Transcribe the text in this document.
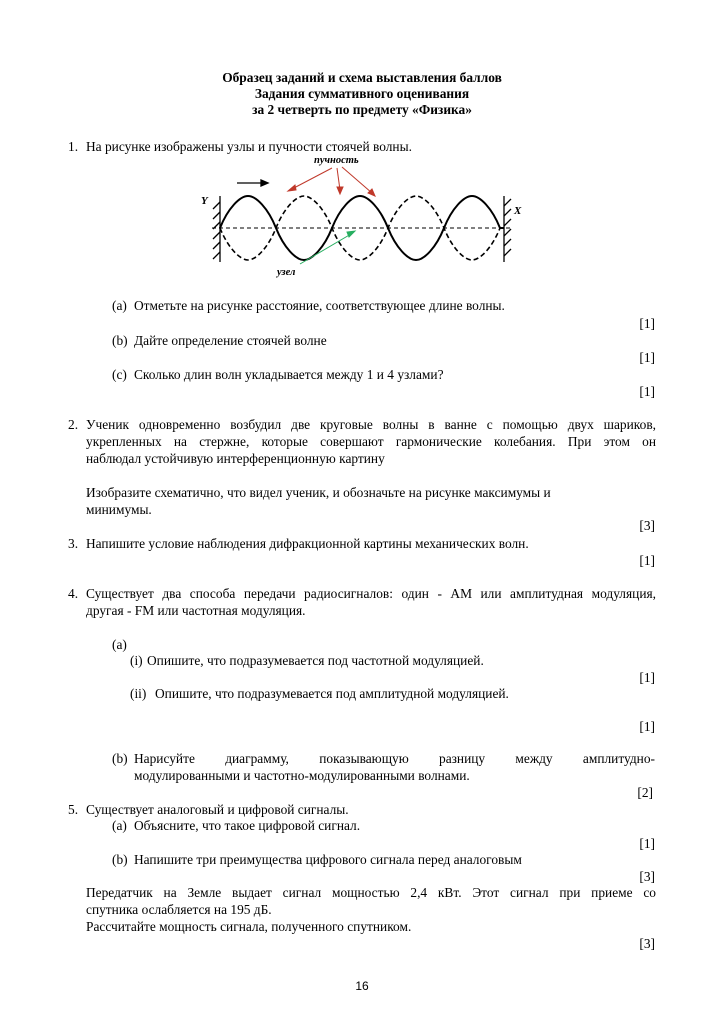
Образец заданий и схема выставления баллов
Задания суммативного оценивания
за 2 четверть по предмету «Физика»
1. На рисунке изображены узлы и пучности стоячей волны.
Y
X
пучность
узел
(a) Отметьте на рисунке расстояние, соответствующее длине волны.
[1]
(b) Дайте определение стоячей волне
[1]
(c) Сколько длин волн укладывается между 1 и 4 узлами?
[1]
2. Ученик одновременно возбудил две круговые волны в ванне с помощью двух шариков,
укрепленных на стержне, которые совершают гармонические колебания. При этом он
наблюдал устойчивую интерференционную картину
Изобразите схематично, что видел ученик, и обозначьте на рисунке максимумы и
минимумы.
[3]
3. Напишите условие наблюдения дифракционной картины механических волн.
[1]
4. Существует два способа передачи радиосигналов: один - AM или амплитудная модуляция,
другая - FM или частотная модуляция.
(a)
(i) Опишите, что подразумевается под частотной модуляцией.
[1]
(ii) Опишите, что подразумевается под амплитудной модуляцией.
[1]
(b) Нарисуйте диаграмму, показывающую разницу между амплитудно-
модулированными и частотно-модулированными волнами.
[2]
5. Существует аналоговый и цифровой сигналы.
(a) Объясните, что такое цифровой сигнал.
[1]
(b) Напишите три преимущества цифрового сигнала перед аналоговым
[3]
Передатчик на Земле выдает сигнал мощностью 2,4 кВт. Этот сигнал при приеме со
спутника ослабляется на 195 дБ.
Рассчитайте мощность сигнала, полученного спутником.
[3]
16
